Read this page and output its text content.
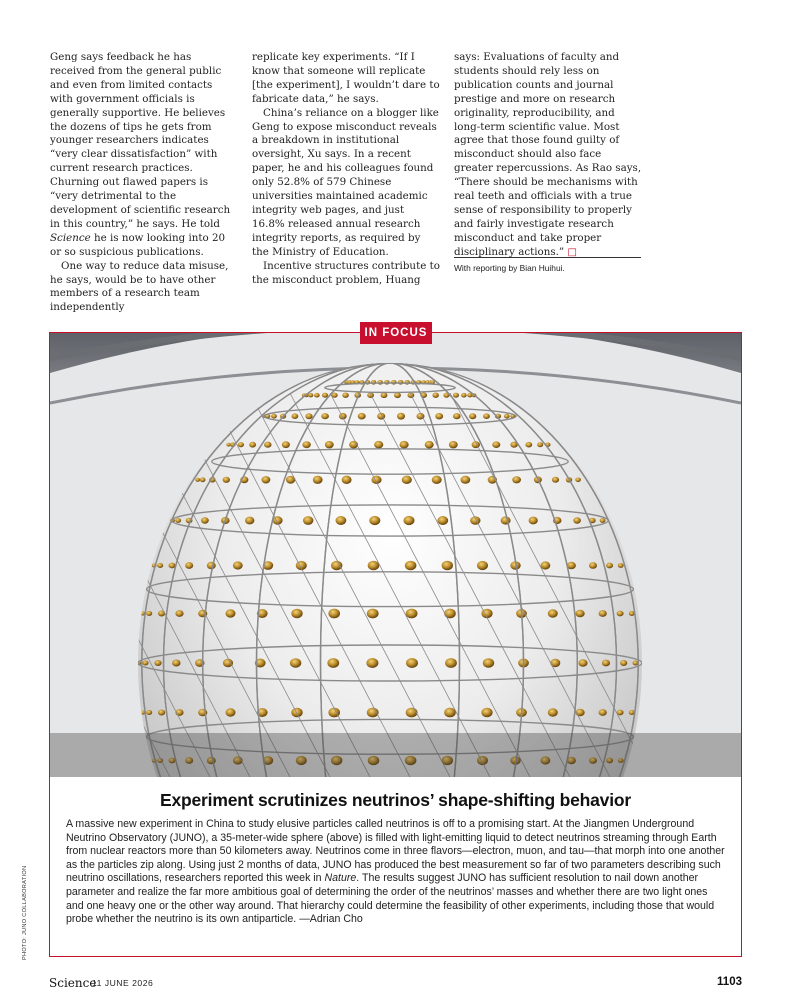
Geng says feedback he has received from the general public and even from limited contacts with government officials is generally supportive. He believes the dozens of tips he gets from younger researchers indicates “very clear dissatisfaction” with current research practices. Churning out flawed papers is “very detrimental to the development of scientific research in this country,” he says. He told Science he is now looking into 20 or so suspicious publications.

One way to reduce data misuse, he says, would be to have other members of a research team independently

replicate key experiments. “If I know that someone will replicate [the experiment], I wouldn’t dare to fabricate data,” he says.

China’s reliance on a blogger like Geng to expose misconduct reveals a breakdown in institutional oversight, Xu says. In a recent paper, he and his colleagues found only 52.8% of 579 Chinese universities maintained academic integrity web pages, and just 16.8% released annual research integrity reports, as required by the Ministry of Education.

Incentive structures contribute to the misconduct problem, Huang

says: Evaluations of faculty and students should rely less on publication counts and journal prestige and more on research originality, reproducibility, and long-term scientific value. Most agree that those found guilty of misconduct should also face greater repercussions. As Rao says, “There should be mechanisms with real teeth and officials with a true sense of responsibility to properly and fairly investigate research misconduct and take proper disciplinary actions.” □

With reporting by Bian Huihui.
IN FOCUS
Experiment scrutinizes neutrinos’ shape-shifting behavior
A massive new experiment in China to study elusive particles called neutrinos is off to a promising start. At the Jiangmen Underground Neutrino Observatory (JUNO), a 35-meter-wide sphere (above) is filled with light-emitting liquid to detect neutrinos streaming through Earth from nuclear reactors more than 50 kilometers away. Neutrinos come in three flavors—electron, muon, and tau—that morph into one another as the particles zip along. Using just 2 months of data, JUNO has produced the best measurement so far of two parameters describing such neutrino oscillations, researchers reported this week in Nature. The results suggest JUNO has sufficient resolution to nail down another parameter and realize the far more ambitious goal of determining the order of the neutrinos’ masses and whether there are two light ones and one heavy one or the other way around. That hierarchy could determine the feasibility of other experiments, including those that would probe whether the neutrino is its own antiparticle. —Adrian Cho
PHOTO: JUNO COLLABORATION
Science
11 JUNE 2026	1103
